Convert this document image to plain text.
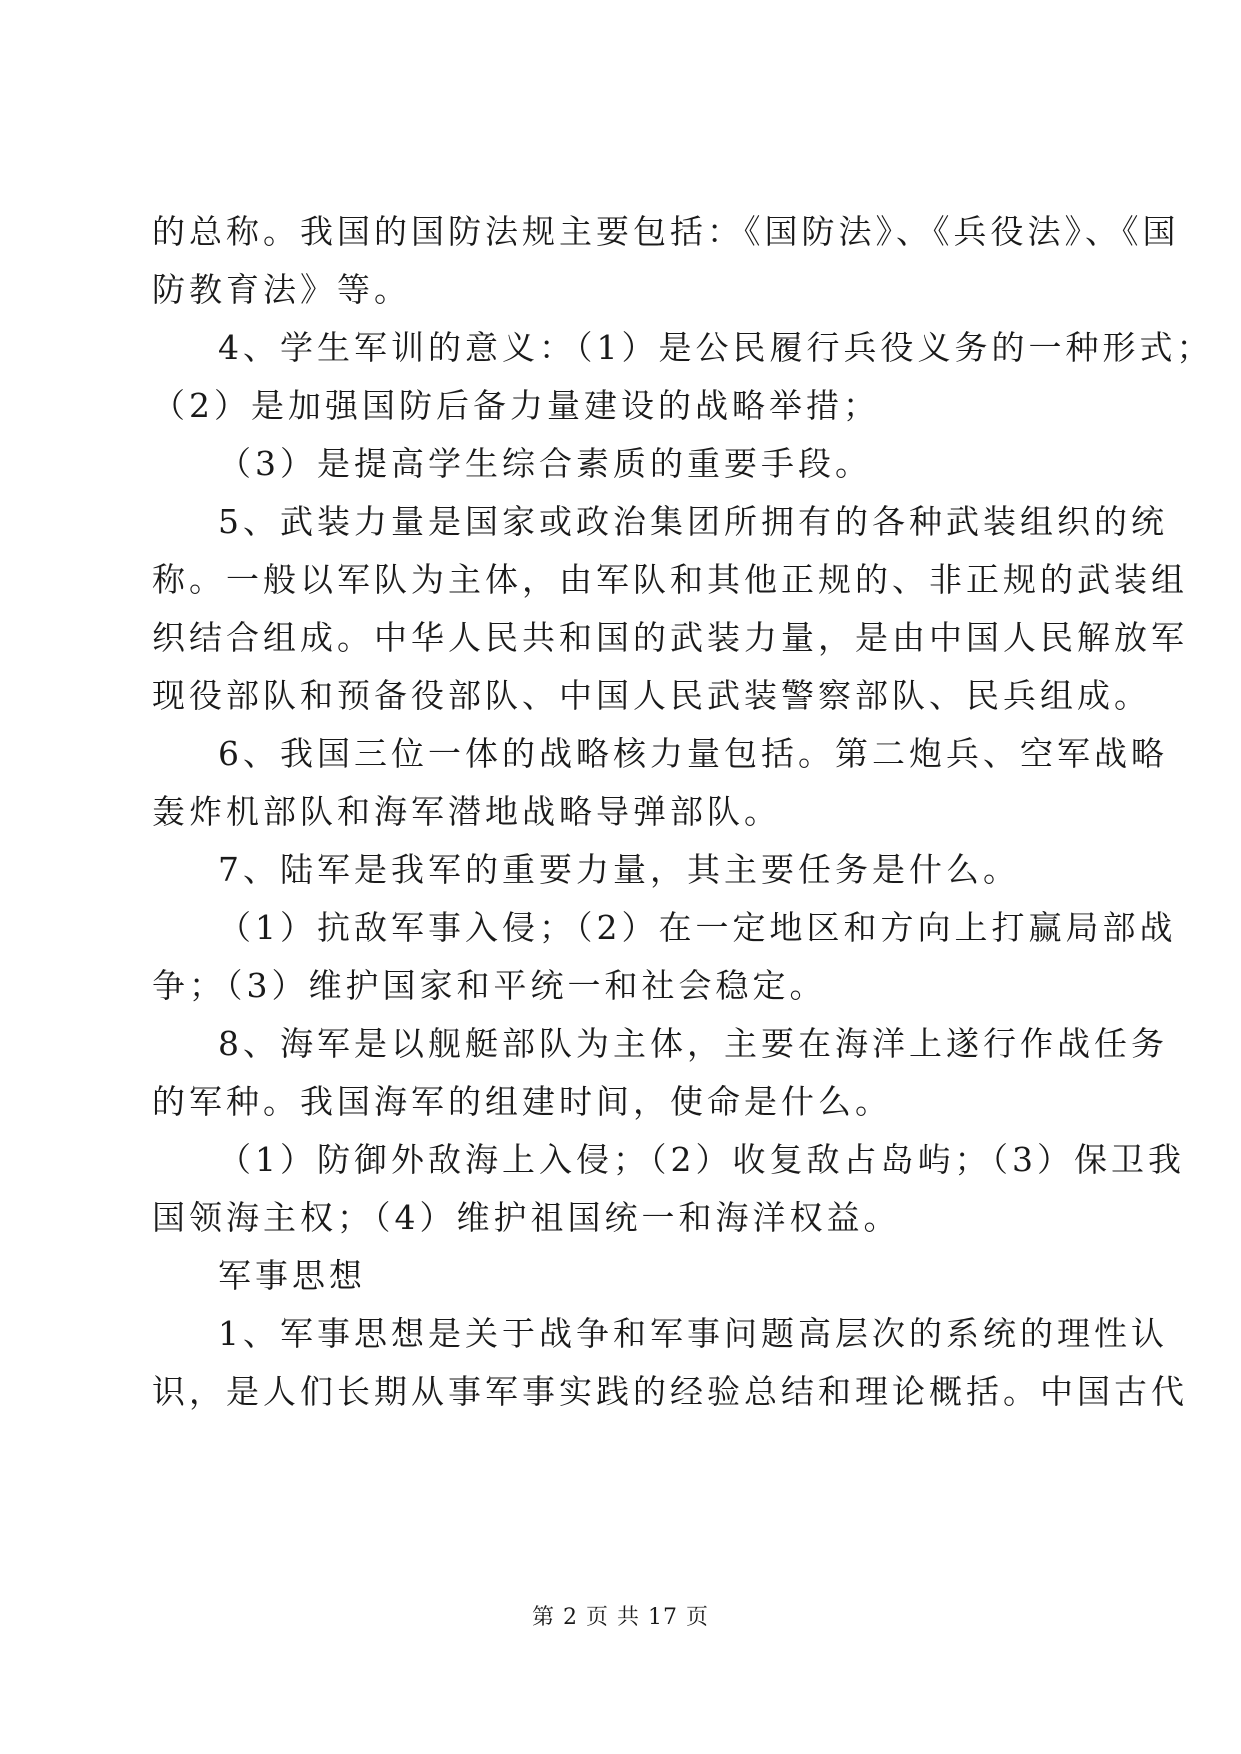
的总称。我国的国防法规主要包括：《国防法》、《兵役法》、《国
防教育法》等。
4、学生军训的意义：（1）是公民履行兵役义务的一种形式；
（2）是加强国防后备力量建设的战略举措；
（3）是提高学生综合素质的重要手段。
5、武装力量是国家或政治集团所拥有的各种武装组织的统
称。一般以军队为主体，由军队和其他正规的、非正规的武装组
织结合组成。中华人民共和国的武装力量，是由中国人民解放军
现役部队和预备役部队、中国人民武装警察部队、民兵组成。
6、我国三位一体的战略核力量包括。第二炮兵、空军战略
轰炸机部队和海军潜地战略导弹部队。
7、陆军是我军的重要力量，其主要任务是什么。
（1）抗敌军事入侵；（2）在一定地区和方向上打赢局部战
争；（3）维护国家和平统一和社会稳定。
8、海军是以舰艇部队为主体，主要在海洋上遂行作战任务
的军种。我国海军的组建时间，使命是什么。
（1）防御外敌海上入侵；（2）收复敌占岛屿；（3）保卫我
国领海主权；（4）维护祖国统一和海洋权益。
军事思想
1、军事思想是关于战争和军事问题高层次的系统的理性认
识，是人们长期从事军事实践的经验总结和理论概括。中国古代
第 2 页 共 17 页
